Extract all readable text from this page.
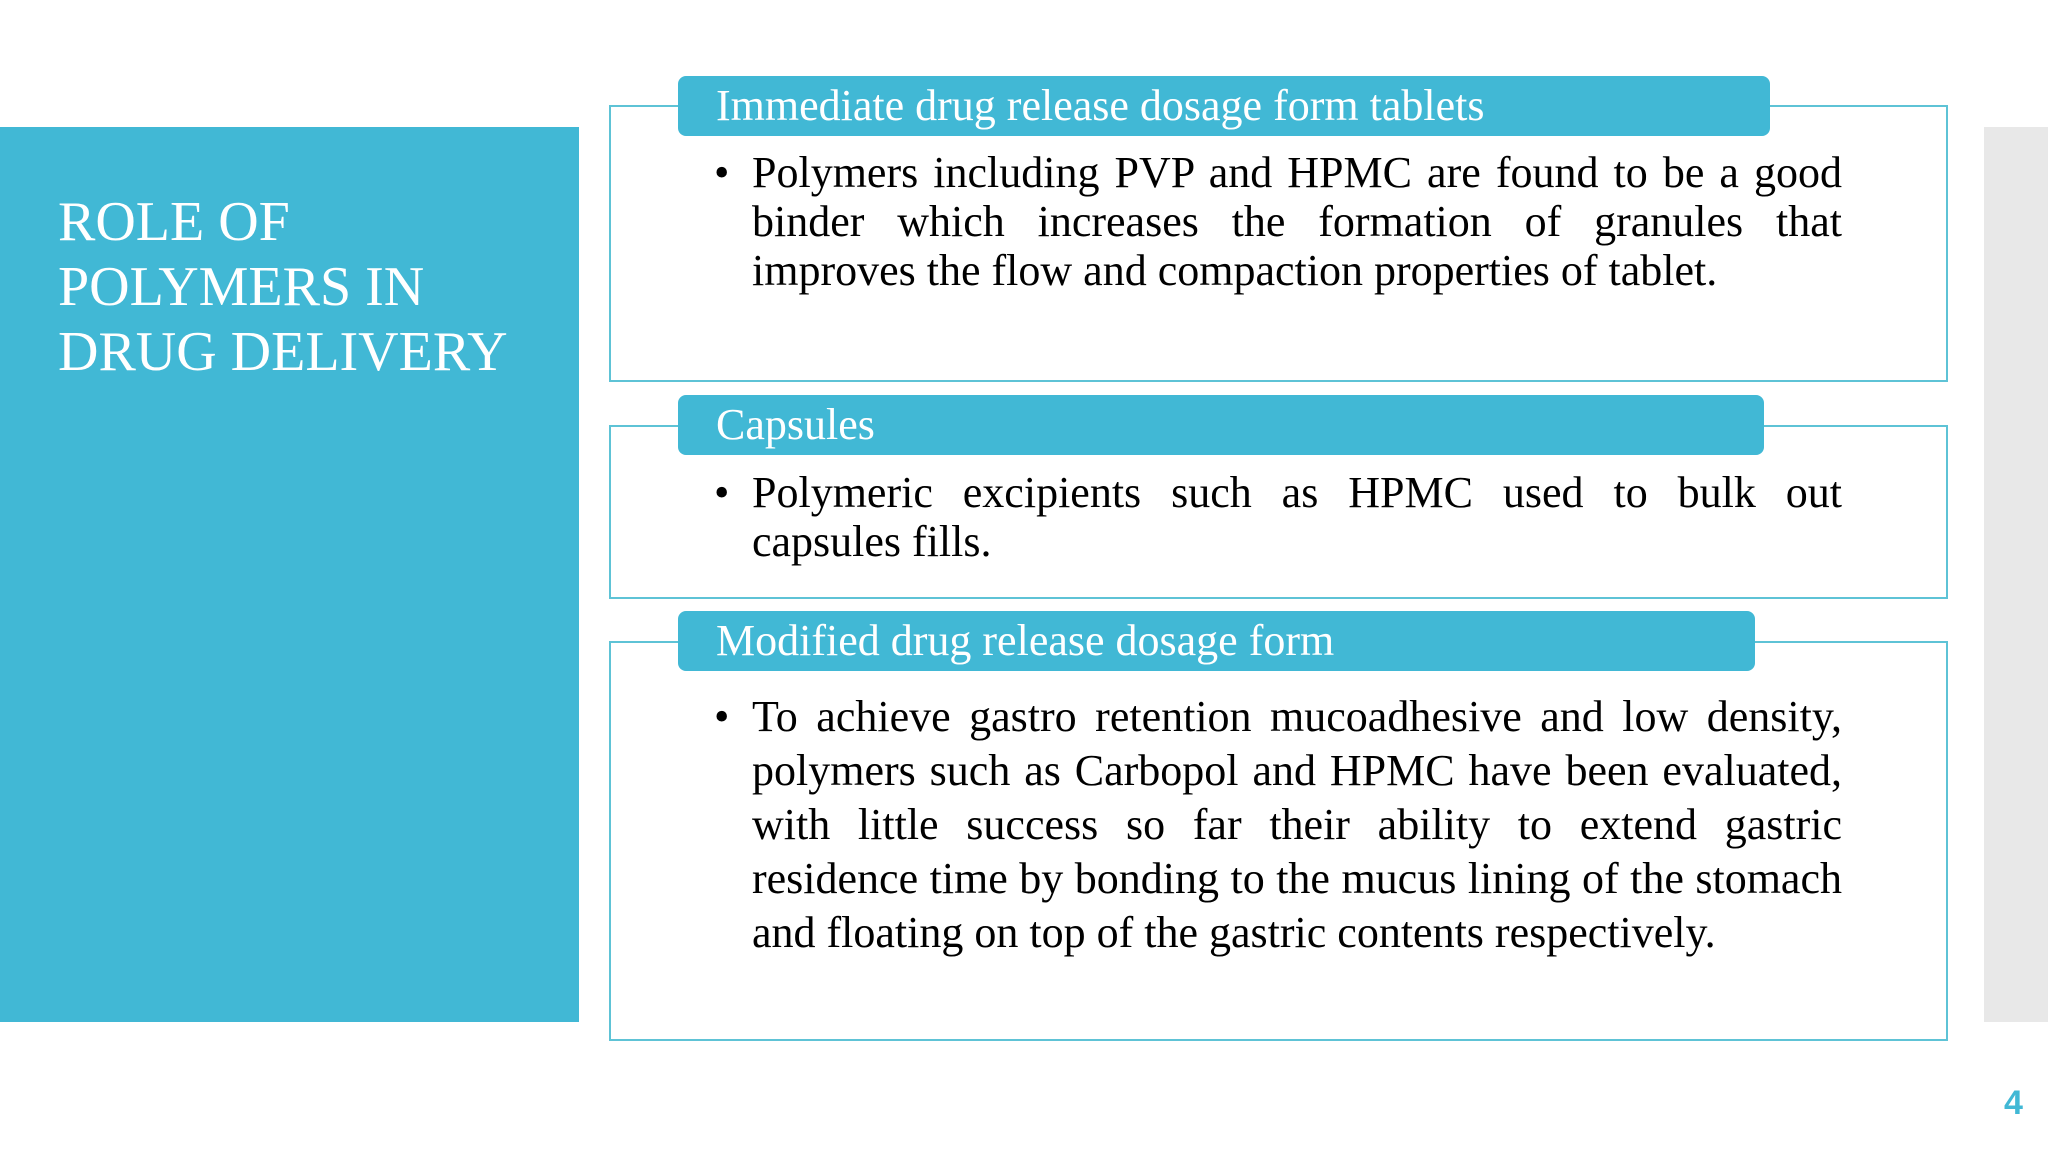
ROLE OF
POLYMERS IN
DRUG DELIVERY
Immediate drug release dosage form tablets
• Polymers including PVP and HPMC are found to be a good binder which increases the formation of granules that improves the flow and compaction properties of tablet.
Capsules
• Polymeric excipients such as HPMC used to bulk out capsules fills.
Modified drug release dosage form
• To achieve gastro retention mucoadhesive and low density, polymers such as Carbopol and HPMC have been evaluated, with little success so far their ability to extend gastric residence time by bonding to the mucus lining of the stomach and floating on top of the gastric contents respectively.
4
